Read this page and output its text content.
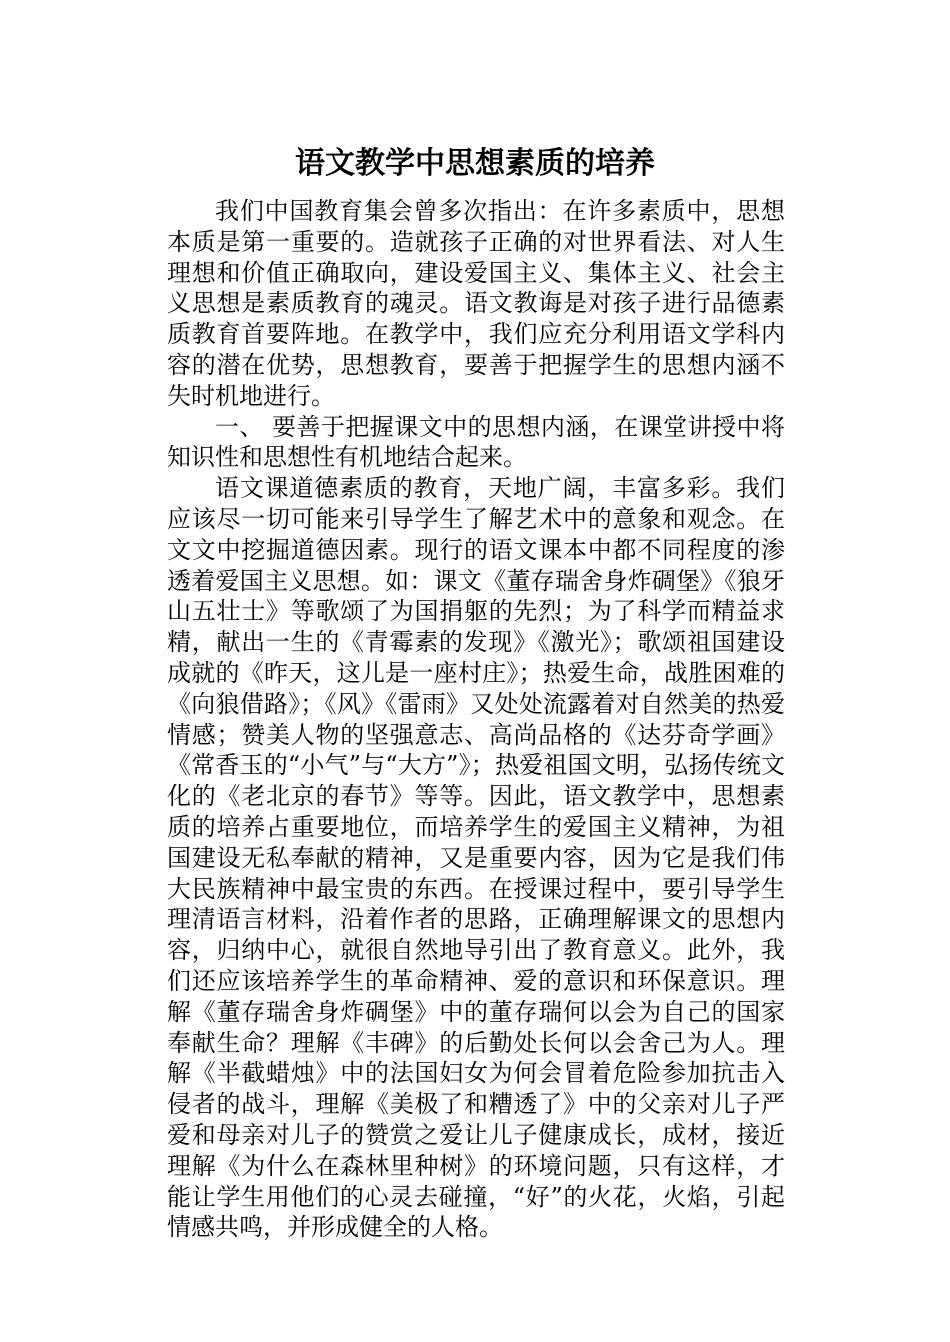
语文教学中思想素质的培养

我们中国教育集会曾多次指出：在许多素质中，思想本质是第一重要的。造就孩子正确的对世界看法、对人生理想和价值正确取向，建设爱国主义、集体主义、社会主义思想是素质教育的魂灵。语文教诲是对孩子进行品德素质教育首要阵地。在教学中，我们应充分利用语文学科内容的潜在优势，思想教育，要善于把握学生的思想内涵不失时机地进行。

一、 要善于把握课文中的思想内涵，在课堂讲授中将知识性和思想性有机地结合起来。

语文课道德素质的教育，天地广阔，丰富多彩。我们应该尽一切可能来引导学生了解艺术中的意象和观念。在文文中挖掘道德因素。现行的语文课本中都不同程度的渗透着爱国主义思想。如：课文《董存瑞舍身炸碉堡》《狼牙山五壮士》等歌颂了为国捐躯的先烈；为了科学而精益求精，献出一生的《青霉素的发现》《激光》；歌颂祖国建设成就的《昨天，这儿是一座村庄》；热爱生命，战胜困难的 《向狼借路》；《风》《雷雨》又处处流露着对自然美的热爱情感；赞美人物的坚强意志、高尚品格的《达芬奇学画》《常香玉的“小气”与“大方”》；热爱祖国文明，弘扬传统文化的《老北京的春节》等等。因此，语文教学中，思想素质的培养占重要地位，而培养学生的爱国主义精神，为祖国建设无私奉献的精神，又是重要内容，因为它是我们伟大民族精神中最宝贵的东西。在授课过程中，要引导学生理清语言材料，沿着作者的思路，正确理解课文的思想内容，归纳中心，就很自然地导引出了教育意义。此外，我们还应该培养学生的革命精神、爱的意识和环保意识。理解《董存瑞舍身炸碉堡》中的董存瑞何以会为自己的国家奉献生命？理解《丰碑》的后勤处长何以会舍己为人。理解《半截蜡烛》中的法国妇女为何会冒着危险参加抗击入侵者的战斗，理解《美极了和糟透了》中的父亲对儿子严爱和母亲对儿子的赞赏之爱让儿子健康成长，成材，接近理解《为什么在森林里种树》的环境问题，只有这样，才能让学生用他们的心灵去碰撞，“好”的火花，火焰，引起情感共鸣，并形成健全的人格。
